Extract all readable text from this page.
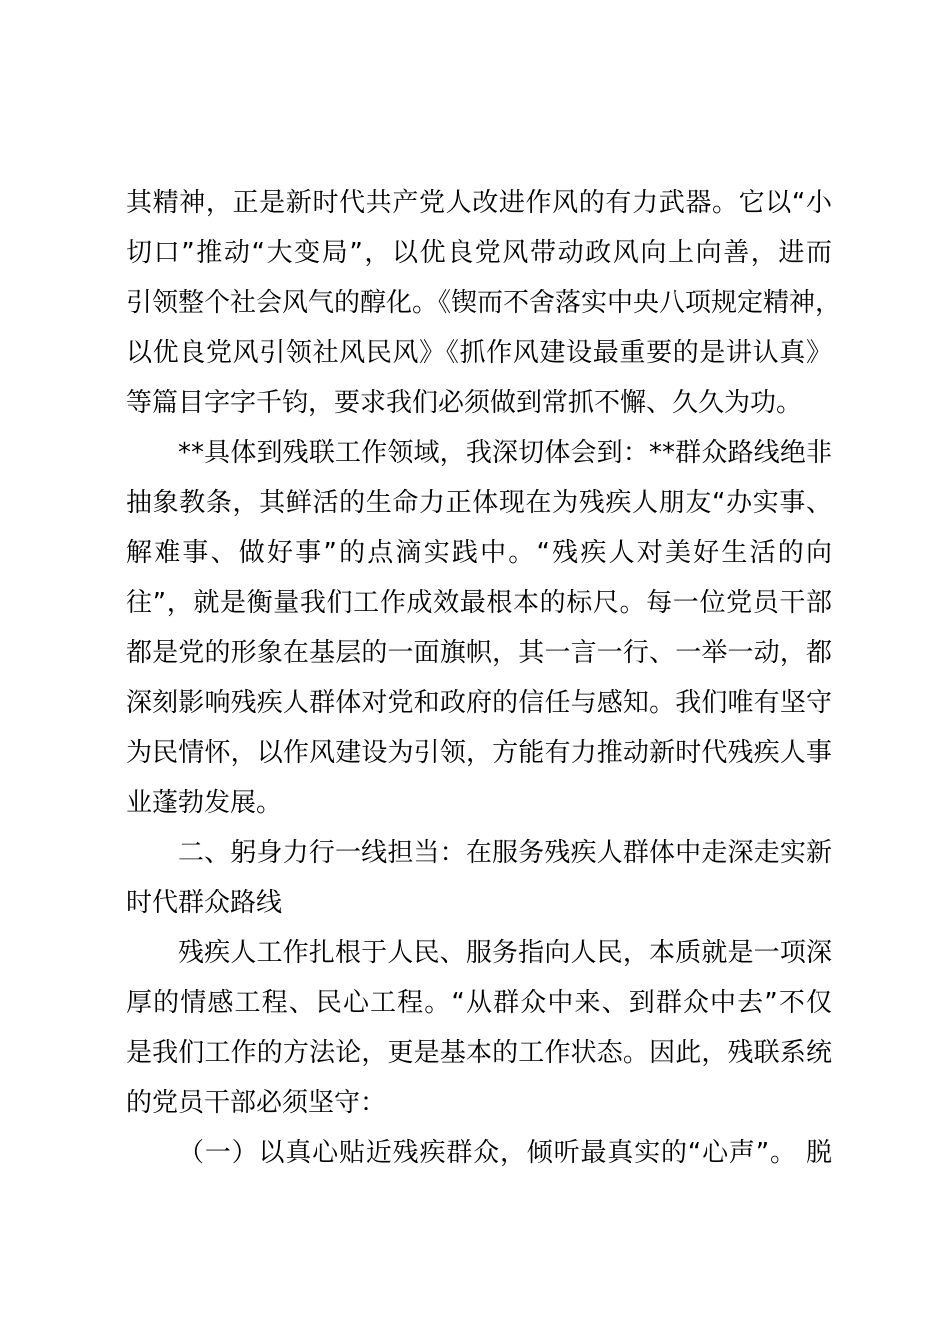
其精神，正是新时代共产党人改进作风的有力武器。它以“小
切口”推动“大变局”，以优良党风带动政风向上向善，进而
引领整个社会风气的醇化。《锲而不舍落实中央八项规定精神，
以优良党风引领社风民风》《抓作风建设最重要的是讲认真》
等篇目字字千钧，要求我们必须做到常抓不懈、久久为功。

**具体到残联工作领域，我深切体会到：**群众路线绝非
抽象教条，其鲜活的生命力正体现在为残疾人朋友“办实事、
解难事、做好事”的点滴实践中。“残疾人对美好生活的向
往”，就是衡量我们工作成效最根本的标尺。每一位党员干部
都是党的形象在基层的一面旗帜，其一言一行、一举一动，都
深刻影响残疾人群体对党和政府的信任与感知。我们唯有坚守
为民情怀，以作风建设为引领，方能有力推动新时代残疾人事
业蓬勃发展。

二、躬身力行一线担当：在服务残疾人群体中走深走实新
时代群众路线

残疾人工作扎根于人民、服务指向人民，本质就是一项深
厚的情感工程、民心工程。“从群众中来、到群众中去”不仅
是我们工作的方法论，更是基本的工作状态。因此，残联系统
的党员干部必须坚守：

（一）以真心贴近残疾群众，倾听最真实的“心声”。 脱
